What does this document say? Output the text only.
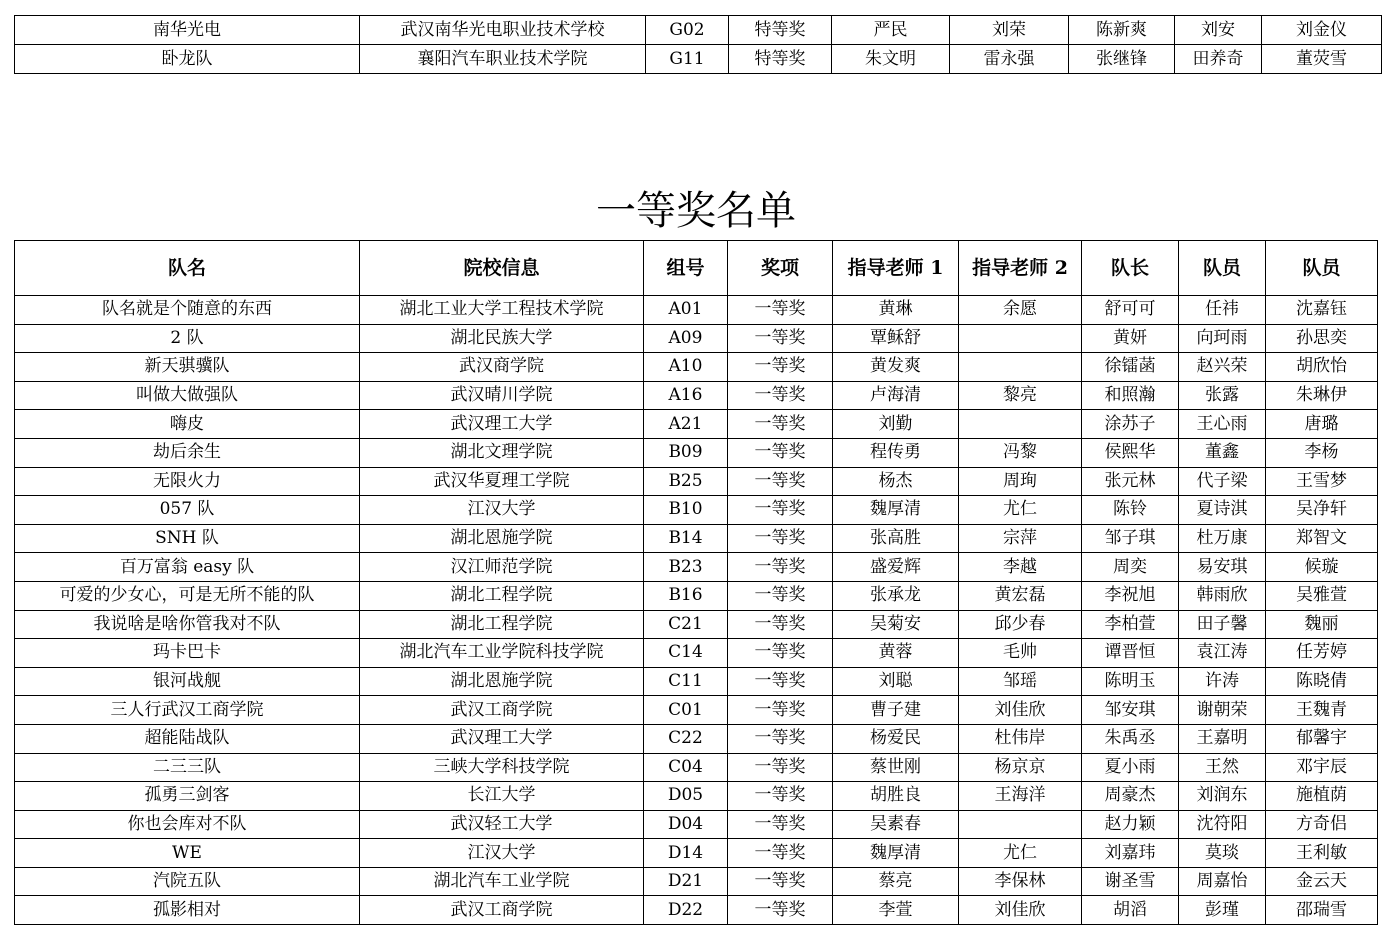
南华光电	武汉南华光电职业技术学校	G02	特等奖	严民	刘荣	陈新爽	刘安	刘金仪
卧龙队	襄阳汽车职业技术学院	G11	特等奖	朱文明	雷永强	张继锋	田养奇	董荧雪
一等奖名单
队名	院校信息	组号	奖项	指导老师 1	指导老师 2	队长	队员	队员
队名就是个随意的东西	湖北工业大学工程技术学院	A01	一等奖	黄琳	余愿	舒可可	任祎	沈嘉钰
2 队	湖北民族大学	A09	一等奖	覃稣舒		黄妍	向珂雨	孙思奕
新天骐骥队	武汉商学院	A10	一等奖	黄发爽		徐镭菡	赵兴荣	胡欣怡
叫做大做强队	武汉晴川学院	A16	一等奖	卢海清	黎亮	和照瀚	张露	朱琳伊
嗨皮	武汉理工大学	A21	一等奖	刘勤		涂苏子	王心雨	唐璐
劫后余生	湖北文理学院	B09	一等奖	程传勇	冯黎	侯熙华	董鑫	李杨
无限火力	武汉华夏理工学院	B25	一等奖	杨杰	周珣	张元林	代子梁	王雪梦
057 队	江汉大学	B10	一等奖	魏厚清	尤仁	陈铃	夏诗淇	吴净轩
SNH 队	湖北恩施学院	B14	一等奖	张高胜	宗萍	邹子琪	杜万康	郑智文
百万富翁 easy 队	汉江师范学院	B23	一等奖	盛爱辉	李越	周奕	易安琪	候璇
可爱的少女心，可是无所不能的队	湖北工程学院	B16	一等奖	张承龙	黄宏磊	李祝旭	韩雨欣	吴雅萱
我说啥是啥你管我对不队	湖北工程学院	C21	一等奖	吴菊安	邱少春	李柏萱	田子馨	魏丽
玛卡巴卡	湖北汽车工业学院科技学院	C14	一等奖	黄蓉	毛帅	谭晋恒	袁江涛	任芳婷
银河战舰	湖北恩施学院	C11	一等奖	刘聪	邹瑶	陈明玉	许涛	陈晓倩
三人行武汉工商学院	武汉工商学院	C01	一等奖	曹子建	刘佳欣	邹安琪	谢朝荣	王魏青
超能陆战队	武汉理工大学	C22	一等奖	杨爱民	杜伟岸	朱禹丞	王嘉明	郁馨宇
二三三队	三峡大学科技学院	C04	一等奖	蔡世刚	杨京京	夏小雨	王然	邓宇辰
孤勇三剑客	长江大学	D05	一等奖	胡胜良	王海洋	周豪杰	刘润东	施植荫
你也会库对不队	武汉轻工大学	D04	一等奖	吴素春		赵力颖	沈符阳	方奇侣
WE	江汉大学	D14	一等奖	魏厚清	尤仁	刘嘉玮	莫琰	王利敏
汽院五队	湖北汽车工业学院	D21	一等奖	蔡亮	李保林	谢圣雪	周嘉怡	金云天
孤影相对	武汉工商学院	D22	一等奖	李萱	刘佳欣	胡滔	彭瑾	邵瑞雪
